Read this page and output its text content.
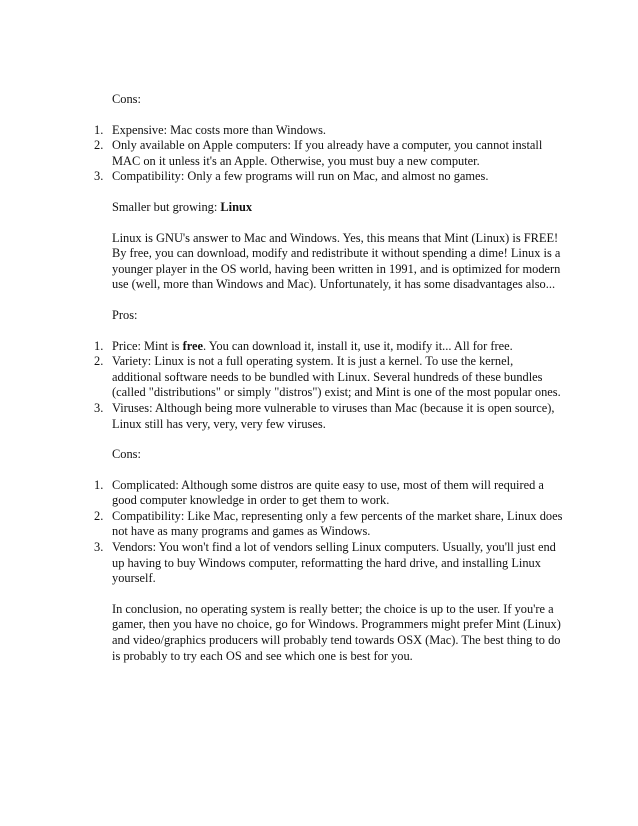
Cons:

1. Expensive: Mac costs more than Windows.
2. Only available on Apple computers: If you already have a computer, you cannot install MAC on it unless it's an Apple. Otherwise, you must buy a new computer.
3. Compatibility: Only a few programs will run on Mac, and almost no games.

Smaller but growing: Linux

Linux is GNU's answer to Mac and Windows. Yes, this means that Mint (Linux) is FREE! By free, you can download, modify and redistribute it without spending a dime! Linux is a younger player in the OS world, having been written in 1991, and is optimized for modern use (well, more than Windows and Mac). Unfortunately, it has some disadvantages also...

Pros:

1. Price: Mint is free. You can download it, install it, use it, modify it... All for free.
2. Variety: Linux is not a full operating system. It is just a kernel. To use the kernel, additional software needs to be bundled with Linux. Several hundreds of these bundles (called "distributions" or simply "distros") exist; and Mint is one of the most popular ones.
3. Viruses: Although being more vulnerable to viruses than Mac (because it is open source), Linux still has very, very, very few viruses.

Cons:

1. Complicated: Although some distros are quite easy to use, most of them will required a good computer knowledge in order to get them to work.
2. Compatibility: Like Mac, representing only a few percents of the market share, Linux does not have as many programs and games as Windows.
3. Vendors: You won't find a lot of vendors selling Linux computers. Usually, you'll just end up having to buy Windows computer, reformatting the hard drive, and installing Linux yourself.

In conclusion, no operating system is really better; the choice is up to the user. If you're a gamer, then you have no choice, go for Windows. Programmers might prefer Mint (Linux) and video/graphics producers will probably tend towards OSX (Mac). The best thing to do is probably to try each OS and see which one is best for you.
